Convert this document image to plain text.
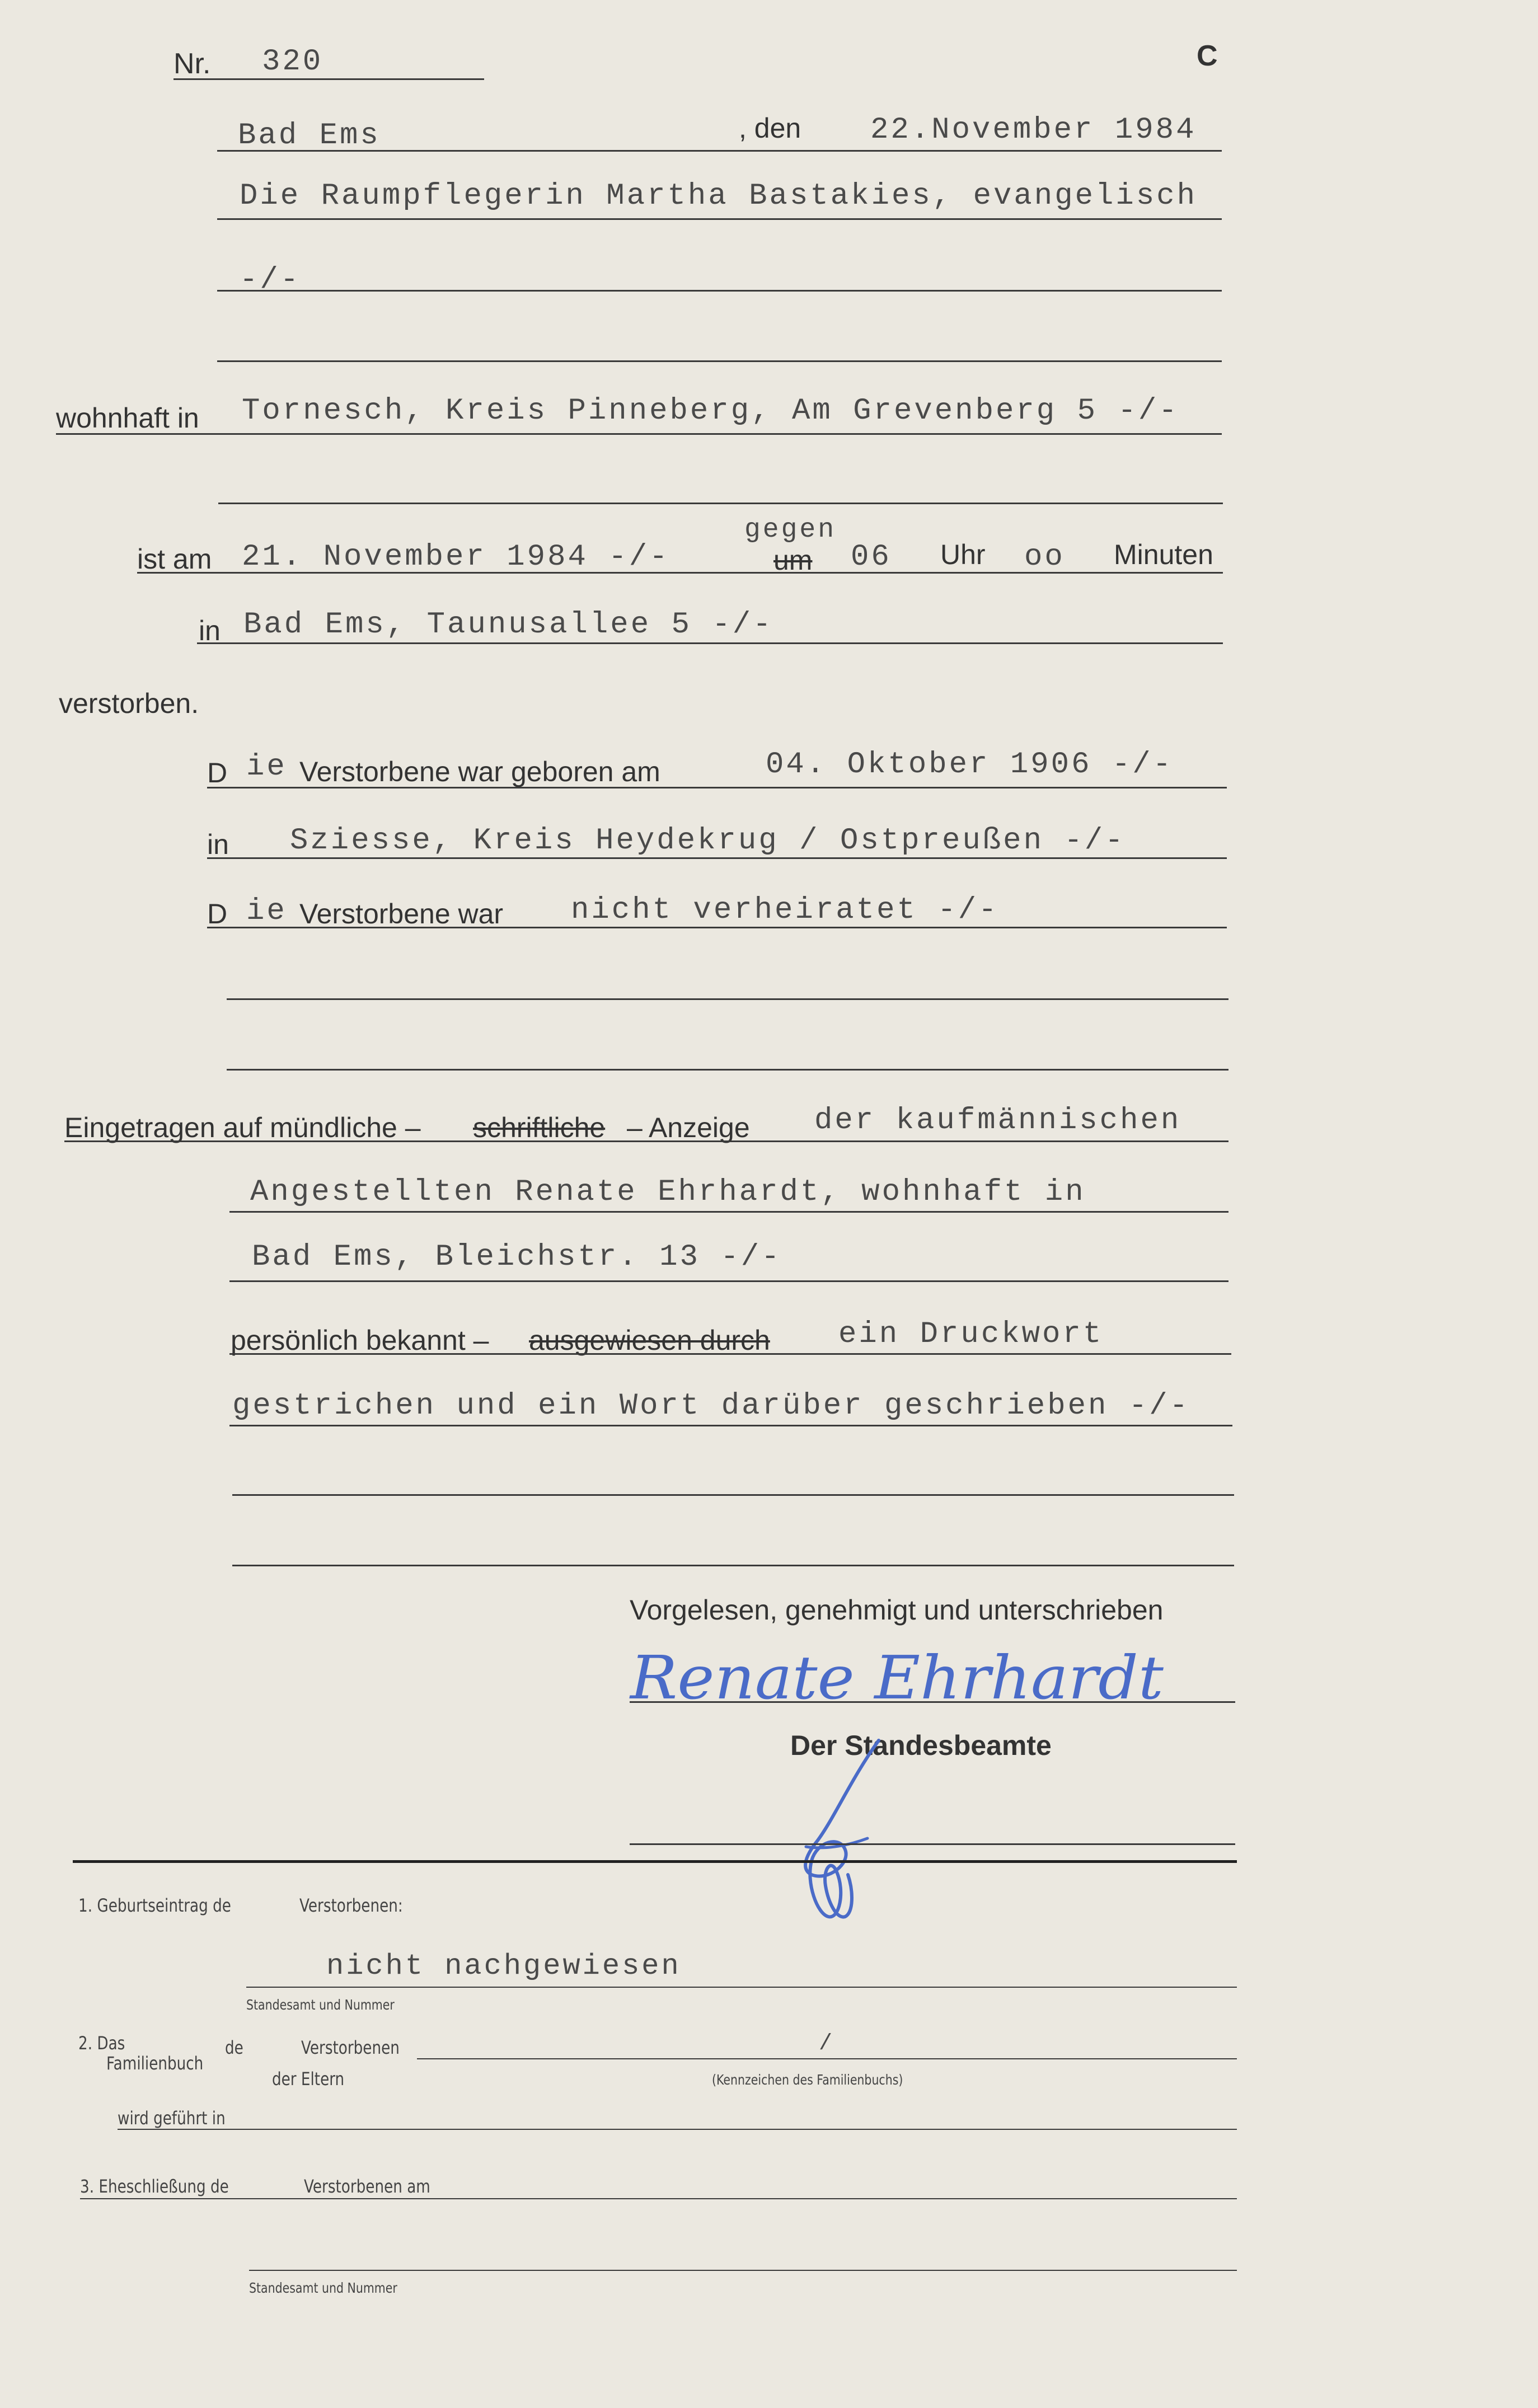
Nr. 320	C
Bad Ems	, den 22.November 1984
Die Raumpflegerin Martha Bastakies, evangelisch
-/-
wohnhaft in Tornesch, Kreis Pinneberg, Am Grevenberg 5 -/-
ist am 21. November 1984 -/-
gegen
um 06 Uhr oo Minuten
in Bad Ems, Taunusallee 5 -/-
verstorben.
D ie Verstorbene war geboren am	04. Oktober 1906 -/-
in Sziesse, Kreis Heydekrug / Ostpreußen -/-
D ie Verstorbene war nicht verheiratet -/-
Eingetragen auf mündliche – schriftliche – Anzeige der kaufmännischen
Angestellten Renate Ehrhardt, wohnhaft in
Bad Ems, Bleichstr. 13 -/-
persönlich bekannt – ausgewiesen durch ein Druckwort
gestrichen und ein Wort darüber geschrieben -/-
Vorgelesen, genehmigt und unterschrieben
Renate Ehrhardt
Der Standesbeamte
1. Geburtseintrag de	Verstorbenen:
nicht nachgewiesen
Standesamt und Nummer
2. Das
Familienbuch
de	Verstorbenen	/
der Eltern	(Kennzeichen des Familienbuchs)
wird geführt in
3. Eheschließung de	Verstorbenen am
Standesamt und Nummer
